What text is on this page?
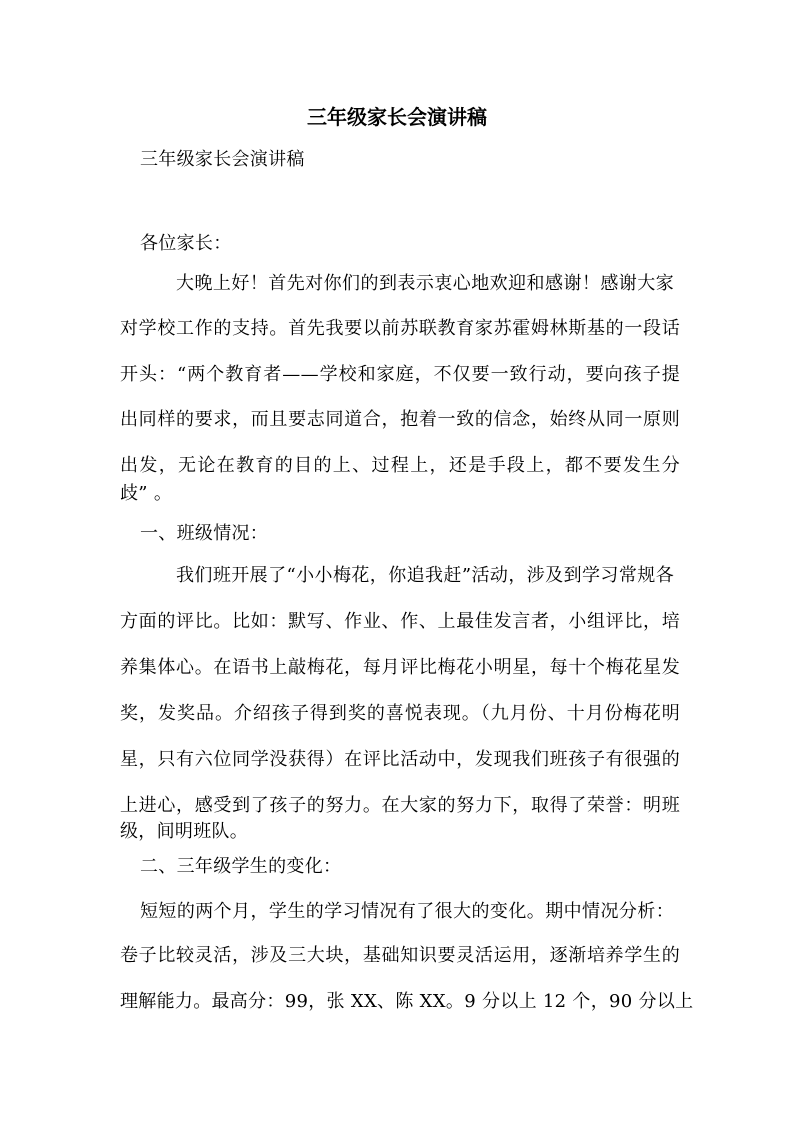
三年级家长会演讲稿
三年级家长会演讲稿
各位家长：
大晚上好！首先对你们的到表示衷心地欢迎和感谢！感谢大家
对学校工作的支持。首先我要以前苏联教育家苏霍姆林斯基的一段话
开头：“两个教育者——学校和家庭，不仅要一致行动，要向孩子提
出同样的要求，而且要志同道合，抱着一致的信念，始终从同一原则
出发，无论在教育的目的上、过程上，还是手段上，都不要发生分
歧” 。
一、班级情况：
我们班开展了“小小梅花，你追我赶”活动，涉及到学习常规各
方面的评比。比如：默写、作业、作、上最佳发言者，小组评比，培
养集体心。在语书上敲梅花，每月评比梅花小明星，每十个梅花星发
奖，发奖品。介绍孩子得到奖的喜悦表现。（九月份、十月份梅花明
星，只有六位同学没获得）在评比活动中，发现我们班孩子有很强的
上进心，感受到了孩子的努力。在大家的努力下，取得了荣誉：明班
级，间明班队。
二、三年级学生的变化：
短短的两个月，学生的学习情况有了很大的变化。期中情况分析：
卷子比较灵活，涉及三大块，基础知识要灵活运用，逐渐培养学生的
理解能力。最高分：99，张 XX、陈 XX。9 分以上 12 个，90 分以上
